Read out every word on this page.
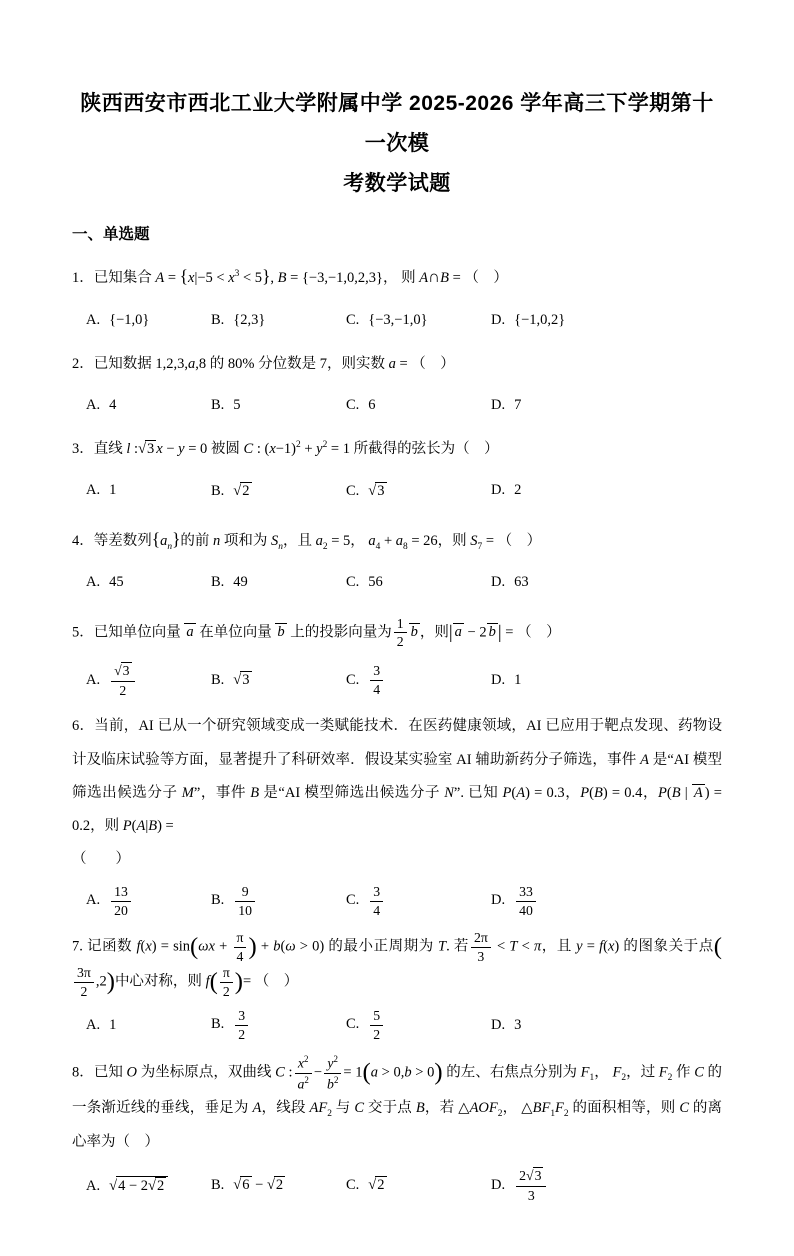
陕西西安市西北工业大学附属中学 2025-2026 学年高三下学期第十一次模
考数学试题
一、单选题
1．已知集合 $A = \{x|-5 < x^3 < 5\}$, B = {−3,−1,0,2,3}， 则 A∩B = （　）
A. {−1,0}	B. {2,3}	C. {−3,−1,0}	D. {−1,0,2}
2．已知数据 1,2,3,a,8 的 80% 分位数是 7，则实数 a = （　）
A. 4	B. 5	C. 6	D. 7
3．直线 l :√ 3 x − y = 0 被圆 C : $(x-1)^2 + y^2 = 1$ 所截得的弦长为（　）
A. 1	B. √ 2	C. √ 3	D. 2
4．等差数列$\{a_n\}$的前 n 项和为 $S_n$，且 $a_2 = 5$， $a_4 + a_8 = 26$，则 $S_7$ = （　）
A. 45	B. 49	C. 56	D. 63
5．已知单位向量 a 在单位向量 b 上的投影向量为 $\frac{1}{2}$ b ，则| a − 2 b | = （　）
A. $\frac{√ 3}{2}$	B. √ 3	C. $\frac{3}{4}$	D. 1
6．当前，AI 已从一个研究领域变成一类赋能技术．在医药健康领域，AI 已应用于靶点发现、药物设计及临床试验等方面，显著提升了科研效率．假设某实验室 AI 辅助新药分子筛选，事件 A 是“AI 模型筛选出候选分子 M”，事件 B 是“AI 模型筛选出候选分子 N”. 已知 P(A) = 0.3，P(B) = 0.4，P(B | A ) = 0.2，则 P(A|B) =
（　　）
A. $\frac{13}{20}$	B. $\frac{9}{10}$	C. $\frac{3}{4}$	D. $\frac{33}{40}$
7. 记函数 $f(x) = \sin(\omega x + \frac{\pi}{4}$ ) + b(ω > 0) 的最小正周期为 T. 若 $\frac{2\pi}{3} < T < \pi$，且 y = f(x) 的图象关于点(
$\frac{3\pi}{2} ,2$)中心对称，则 $f( \frac{\pi}{2}$ )= （　）
A. 1	B. $\frac{3}{2}$	C. $\frac{5}{2}$	D. 3
8．已知 O 为坐标原点，双曲线 C : $\frac{x^2}{a^2} - \frac{y^2}{b^2} = 1(a > 0,b > 0)$ 的左、右焦点分别为 $F_1$， $F_2$，过 $F_2$ 作 C 的一条渐近线的垂线，垂足为 A，线段 $AF_2$ 与 C 交于点 B，若 $\triangle AOF_2$， $\triangle BF_1F_2$ 的面积相等，则 C 的离心率为（　）
A. √ 4 − 2√ 2	B. √ 6 − √ 2	C. √ 2	D. $\frac{2√ 3}{3}$
